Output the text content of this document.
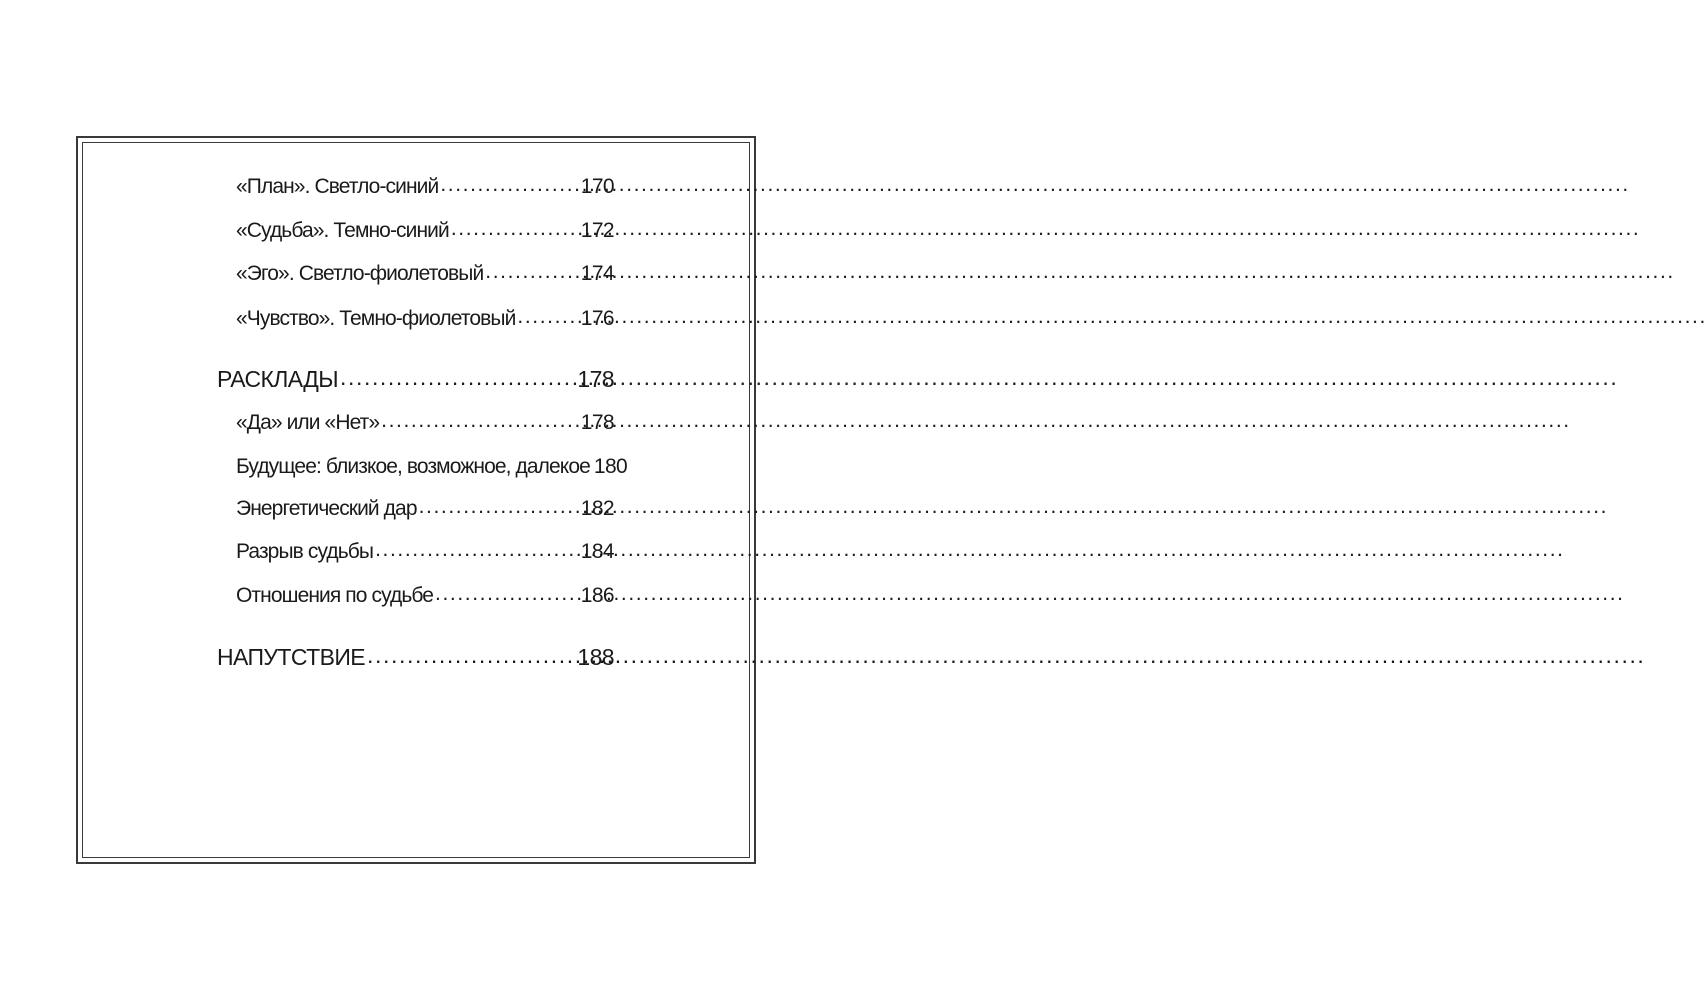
«План». Светло-синий .....	170
«Судьба». Темно-синий .....	172
«Эго». Светло-фиолетовый .....	174
«Чувство». Темно-фиолетовый .....	176
РАСКЛАДЫ .....	178
«Да» или «Нет» .....	178
Будущее: близкое, возможное, далекое 180
Энергетический дар .....	182
Разрыв судьбы .....	184
Отношения по судьбе .....	186
НАПУТСТВИЕ .....	188
